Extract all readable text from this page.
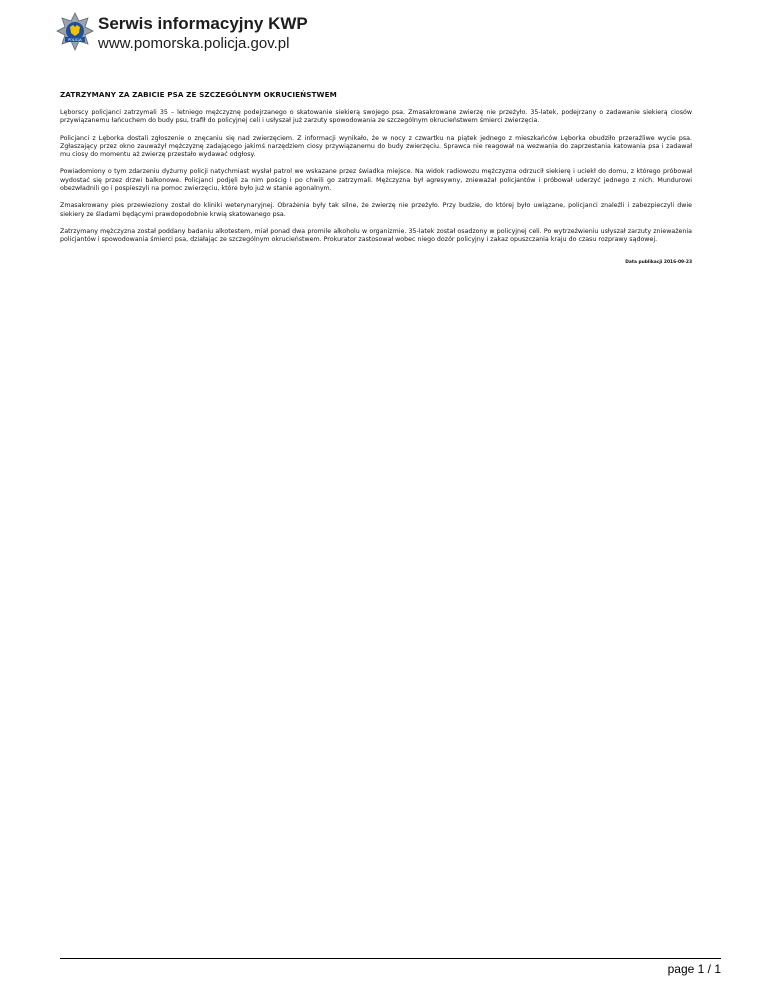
POLICJA
Serwis informacyjny KWP
www.pomorska.policja.gov.pl
ZATRZYMANY ZA ZABICIE PSA ZE SZCZEGÓLNYM OKRUCIEŃSTWEM

Lęborscy policjanci zatrzymali 35 – letniego mężczyznę podejrzanego o skatowanie siekierą swojego psa. Zmasakrowane zwierzę nie przeżyło. 35-latek, podejrzany o zadawanie siekierą ciosów przywiązanemu łańcuchem do budy psu, trafił do policyjnej celi i usłyszał już zarzuty spowodowania ze szczególnym okrucieństwem śmierci zwierzęcia.

Policjanci z Lęborka dostali zgłoszenie o znęcaniu się nad zwierzęciem. Z informacji wynikało, że w nocy z czwartku na piątek jednego z mieszkańców Lęborka obudziło przeraźliwe wycie psa. Zgłaszający przez okno zauważył mężczyznę zadającego jakimś narzędziem ciosy przywiązanemu do budy zwierzęciu. Sprawca nie reagował na wezwania do zaprzestania katowania psa i zadawał mu ciosy do momentu aż zwierzę przestało wydawać odgłosy.

Powiadomiony o tym zdarzeniu dyżurny policji natychmiast wysłał patrol we wskazane przez świadka miejsce. Na widok radiowozu mężczyzna odrzucił siekierę i uciekł do domu, z którego próbował wydostać się przez drzwi balkonowe. Policjanci podjęli za nim pościg i po chwili go zatrzymali. Mężczyzna był agresywny, znieważał policjantów i próbował uderzyć jednego z nich. Mundurowi obezwładnili go i pospieszyli na pomoc zwierzęciu, które było już w stanie agonalnym.

Zmasakrowany pies przewieziony został do kliniki weterynaryjnej. Obrażenia były tak silne, że zwierzę nie przeżyło. Przy budzie, do której było uwiązane, policjanci znaleźli i zabezpieczyli dwie siekiery ze śladami będącymi prawdopodobnie krwią skatowanego psa.

Zatrzymany mężczyzna został poddany badaniu alkotestem, miał ponad dwa promile alkoholu w organizmie. 35-latek został osadzony w policyjnej celi. Po wytrzeźwieniu usłyszał zarzuty znieważenia policjantów i spowodowania śmierci psa, działając ze szczególnym okrucieństwem. Prokurator zastosował wobec niego dozór policyjny i zakaz opuszczania kraju do czasu rozprawy sądowej.

Data publikacji 2016-09-23
page 1 / 1
